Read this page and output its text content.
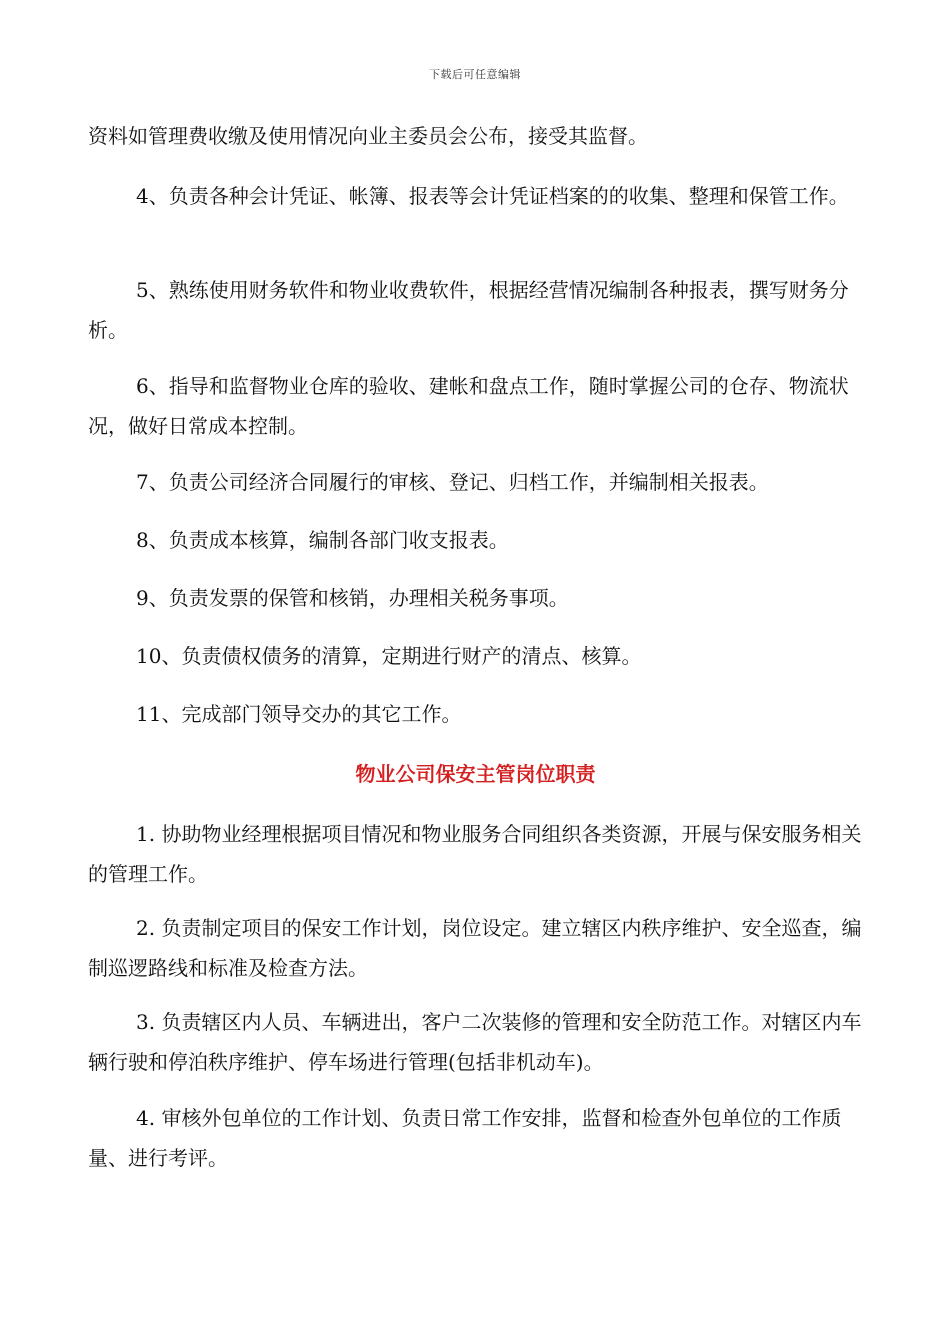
下载后可任意编辑

资料如管理费收缴及使用情况向业主委员会公布，接受其监督。

4、负责各种会计凭证、帐簿、报表等会计凭证档案的的收集、整理和保管工作。

5、熟练使用财务软件和物业收费软件，根据经营情况编制各种报表，撰写财务分析。

6、指导和监督物业仓库的验收、建帐和盘点工作，随时掌握公司的仓存、物流状况，做好日常成本控制。

7、负责公司经济合同履行的审核、登记、归档工作，并编制相关报表。

8、负责成本核算，编制各部门收支报表。

9、负责发票的保管和核销，办理相关税务事项。

10、负责债权债务的清算，定期进行财产的清点、核算。

11、完成部门领导交办的其它工作。

物业公司保安主管岗位职责

1. 协助物业经理根据项目情况和物业服务合同组织各类资源，开展与保安服务相关的管理工作。

2. 负责制定项目的保安工作计划，岗位设定。建立辖区内秩序维护、安全巡查，编制巡逻路线和标准及检查方法。

3. 负责辖区内人员、车辆进出，客户二次装修的管理和安全防范工作。对辖区内车辆行驶和停泊秩序维护、停车场进行管理(包括非机动车)。

4. 审核外包单位的工作计划、负责日常工作安排，监督和检查外包单位的工作质量、进行考评。
